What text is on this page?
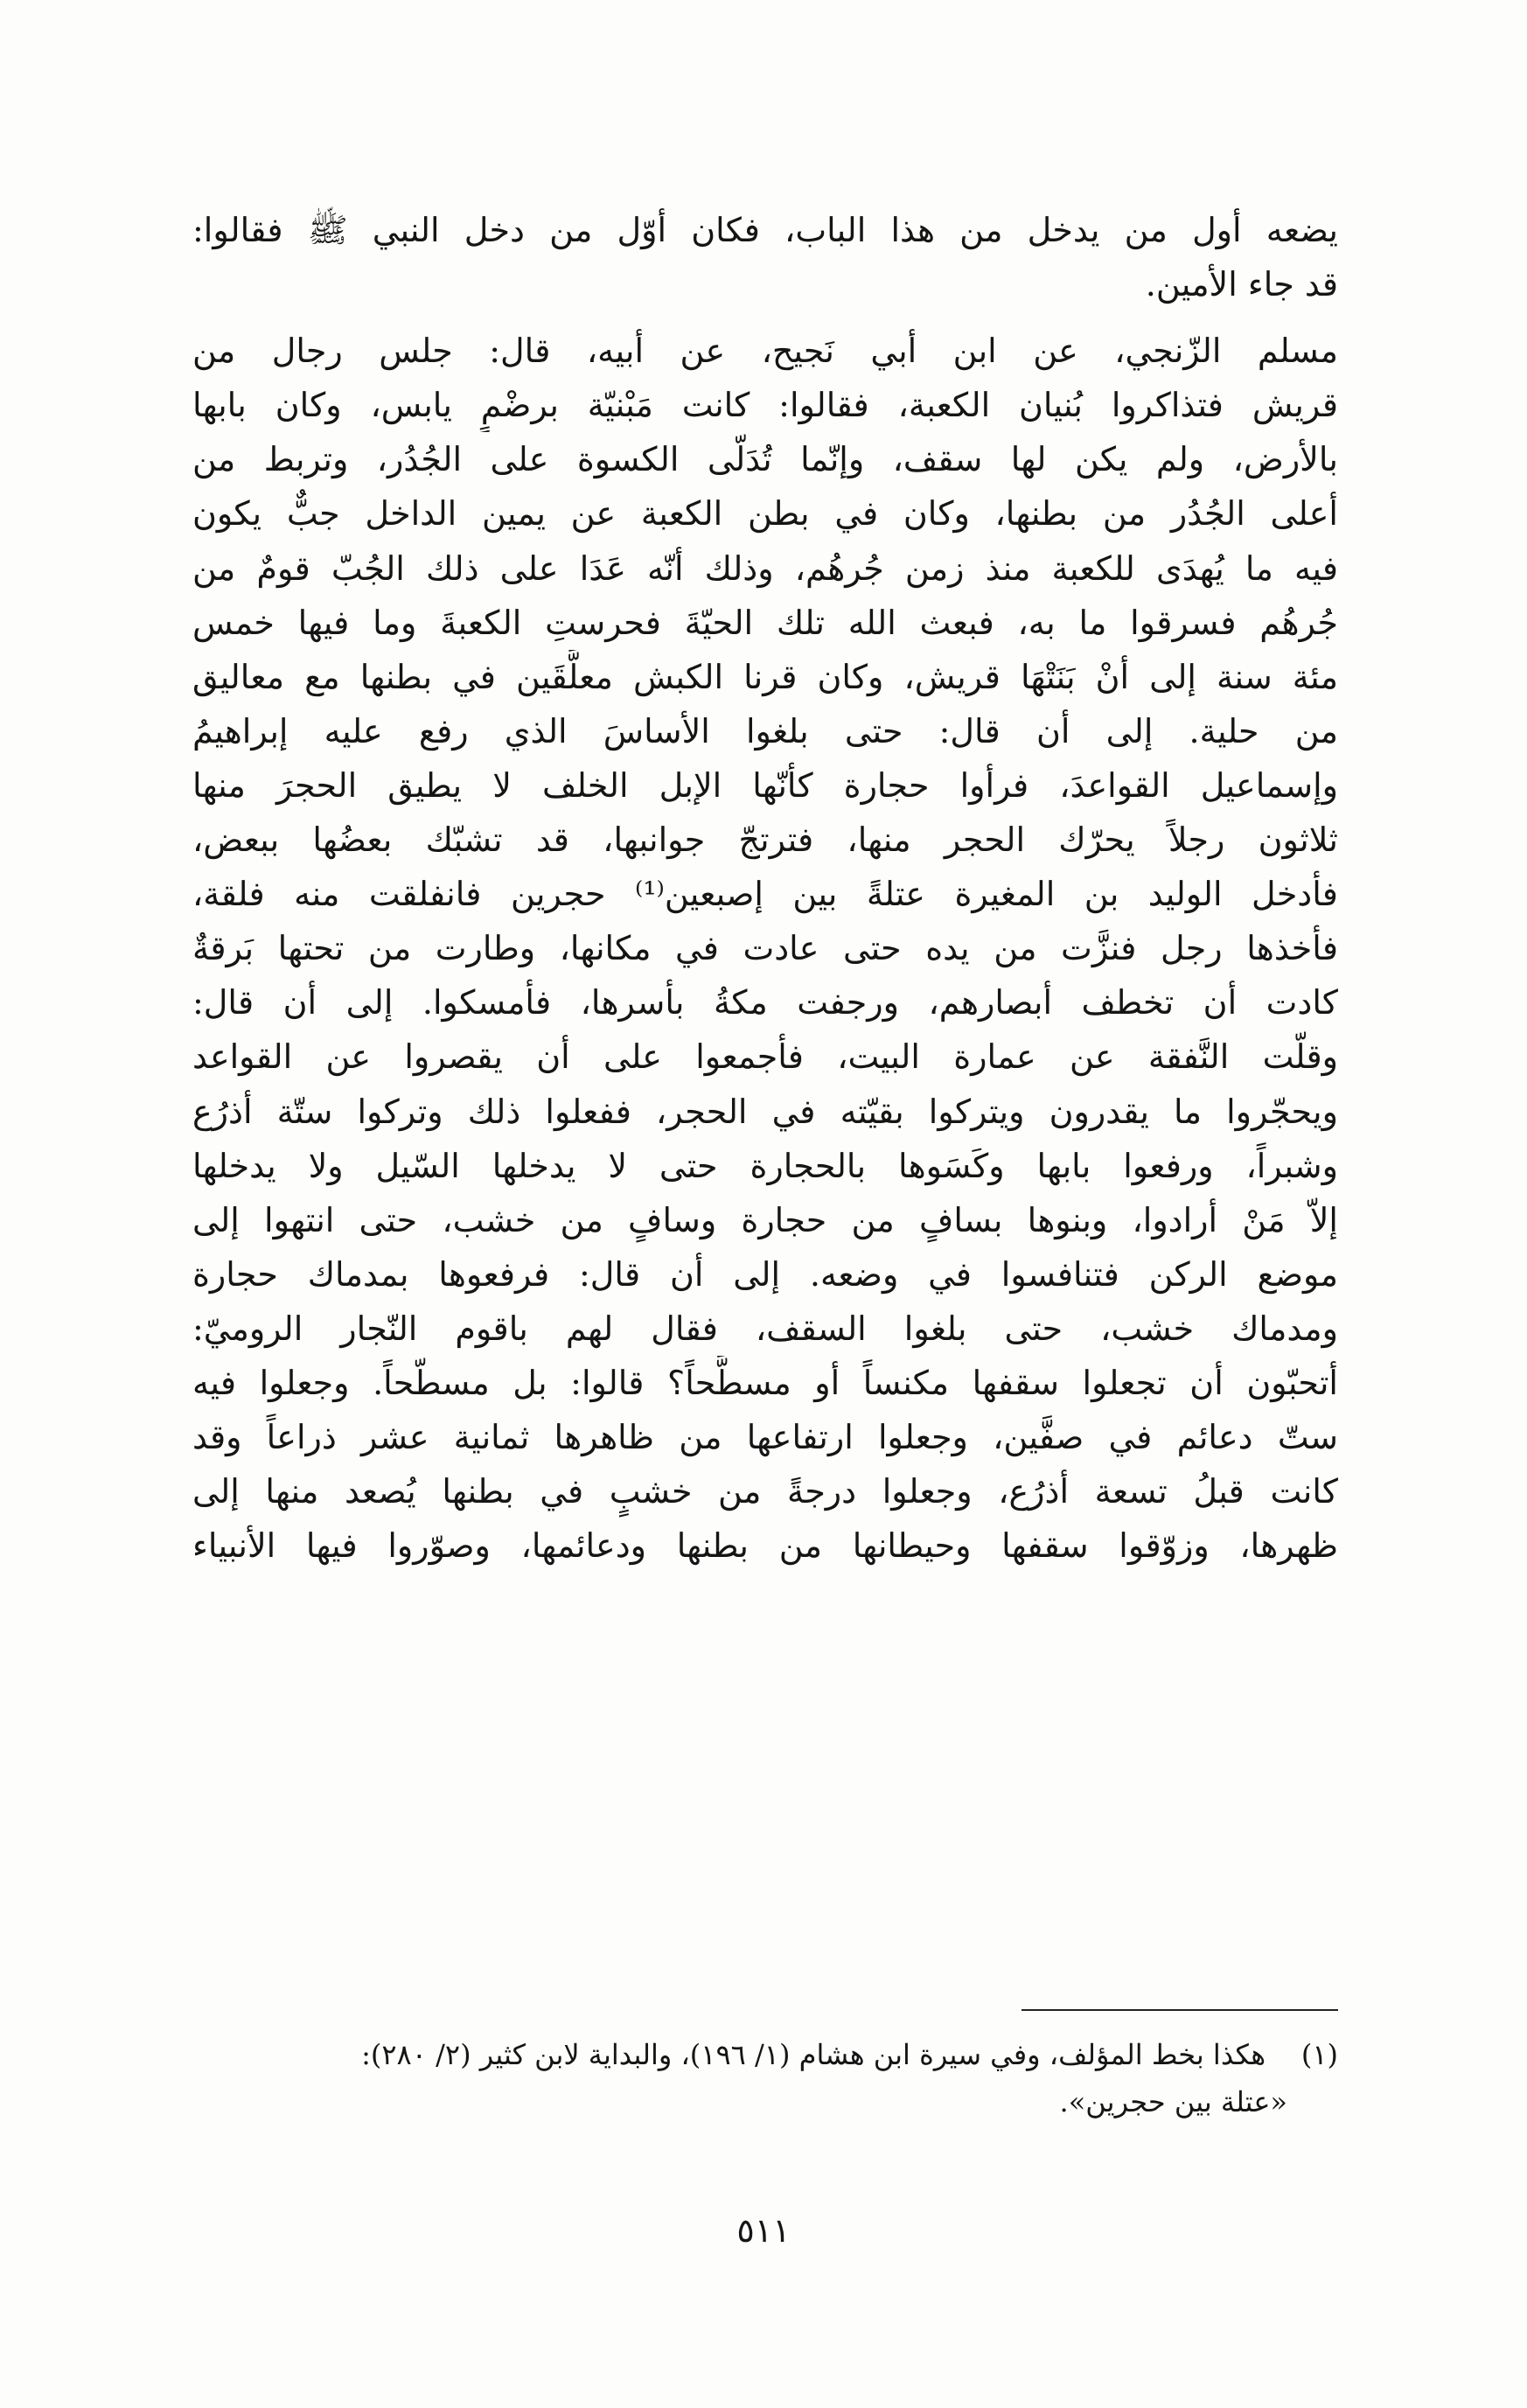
يضعه أول من يدخل من هذا الباب، فكان أوّل من دخل النبي ﷺ فقالوا:
قد جاء الأمين.
مسلم الزّنجي، عن ابن أبي نَجيح، عن أبيه، قال: جلس رجال من
قريش فتذاكروا بُنيان الكعبة، فقالوا: كانت مَبْنيّة برضْمٍ يابس، وكان بابها
بالأرض، ولم يكن لها سقف، وإنّما تُدَلّى الكسوة على الجُدُر، وتربط من
أعلى الجُدُر من بطنها، وكان في بطن الكعبة عن يمين الداخل جبٌّ يكون
فيه ما يُهدَى للكعبة منذ زمن جُرهُم، وذلك أنّه عَدَا على ذلك الجُبّ قومٌ من
جُرهُم فسرقوا ما به، فبعث الله تلك الحيّةَ فحرستِ الكعبةَ وما فيها خمس
مئة سنة إلى أنْ بَنَتْهَا قريش، وكان قرنا الكبش معلَّقَين في بطنها مع معاليق
من حلية. إلى أن قال: حتى بلغوا الأساسَ الذي رفع عليه إبراهيمُ
وإسماعيل القواعدَ، فرأوا حجارة كأنّها الإبل الخلف لا يطيق الحجرَ منها
ثلاثون رجلاً يحرّك الحجر منها، فترتجّ جوانبها، قد تشبّك بعضُها ببعض،
فأدخل الوليد بن المغيرة عتلةً بين إصبعين⁽¹⁾ حجرين فانفلقت منه فلقة،
فأخذها رجل فنزَّت من يده حتى عادت في مكانها، وطارت من تحتها بَرقةٌ
كادت أن تخطف أبصارهم، ورجفت مكةُ بأسرها، فأمسكوا. إلى أن قال:
وقلّت النَّفقة عن عمارة البيت، فأجمعوا على أن يقصروا عن القواعد
ويحجّروا ما يقدرون ويتركوا بقيّته في الحجر، ففعلوا ذلك وتركوا ستّة أذرُع
وشبراً، ورفعوا بابها وكَسَوها بالحجارة حتى لا يدخلها السّيل ولا يدخلها
إلاّ مَنْ أرادوا، وبنوها بسافٍ من حجارة وسافٍ من خشب، حتى انتهوا إلى
موضع الركن فتنافسوا في وضعه. إلى أن قال: فرفعوها بمدماك حجارة
ومدماك خشب، حتى بلغوا السقف، فقال لهم باقوم النّجار الروميّ:
أتحبّون أن تجعلوا سقفها مكنساً أو مسطَّحاً؟ قالوا: بل مسطّحاً. وجعلوا فيه
ستّ دعائم في صفَّين، وجعلوا ارتفاعها من ظاهرها ثمانية عشر ذراعاً وقد
كانت قبلُ تسعة أذرُع، وجعلوا درجةً من خشبٍ في بطنها يُصعد منها إلى
ظهرها، وزوّقوا سقفها وحيطانها من بطنها ودعائمها، وصوّروا فيها الأنبياء
(١)    هكذا بخط المؤلف، وفي سيرة ابن هشام (١/ ١٩٦)، والبداية لابن كثير (٢/ ٢٨٠):
«عتلة بين حجرين».
٥١١
